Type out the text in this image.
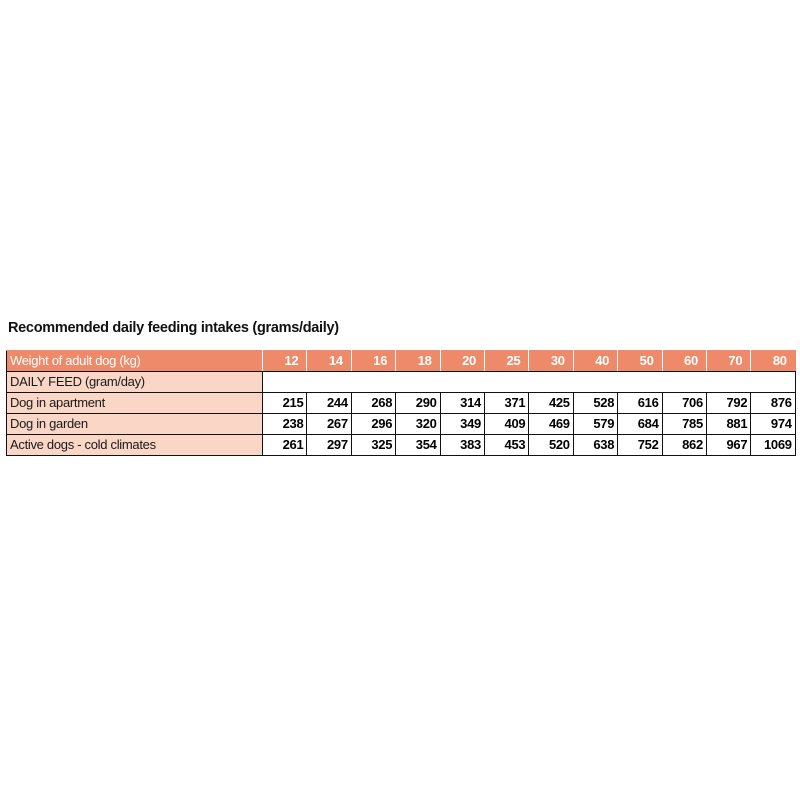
Recommended daily feeding intakes (grams/daily)
Weight of adult dog (kg)	12	14	16	18	20	25	30	40	50	60	70	80
DAILY FEED (gram/day)												
Dog in apartment	215	244	268	290	314	371	425	528	616	706	792	876
Dog in garden	238	267	296	320	349	409	469	579	684	785	881	974
Active dogs - cold climates	261	297	325	354	383	453	520	638	752	862	967	1069
